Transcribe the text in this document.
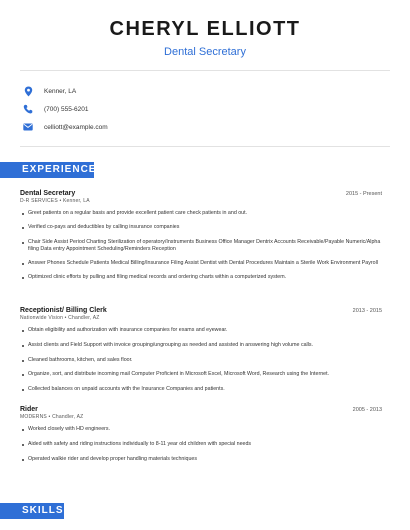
CHERYL ELLIOTT
Dental Secretary
Kenner, LA
(700) 555-6201
celliott@example.com
EXPERIENCE
Dental Secretary	2015 - Present
D-R SERVICES • Kenner, LA
Greet patients on a regular basis and provide excellent patient care check patients in and out.
Verified co-pays and deductibles by calling insurance companies
Chair Side Assist Period Charting Sterilization of operatory/Instruments Business Office Manager Dentrix Accounts Receivable/Payable Numeric/Alpha filing Data entry Appointment Scheduling/Reminders Reception
Answer Phones Schedule Patients Medical Billing/Insurance Filing Assist Dentist with Dental Procedures Maintain a Sterile Work Environment Payroll
Optimized clinic efforts by pulling and filing medical records and ordering charts within a computerized system.
Receptionist/ Billing Clerk	2013 - 2015
Nationwide Vision • Chandler, AZ
Obtain eligibility and authorization with insurance companies for exams and eyewear.
Assist clients and Field Support with invoice grouping/ungrouping as needed and assisted in answering high volume calls.
Cleaned bathrooms, kitchen, and sales floor.
Organize, sort, and distribute incoming mail Computer Proficient in Microsoft Excel, Microsoft Word, Research using the Internet.
Collected balances on unpaid accounts with the Insurance Companies and patients.
Rider	2005 - 2013
MODERNS • Chandler, AZ
Worked closely with HD engineers.
Aided with safety and riding instructions individually to 8-11 year old children with special needs
Operated walkie rider and develop proper handling materials techniques
SKILLS
